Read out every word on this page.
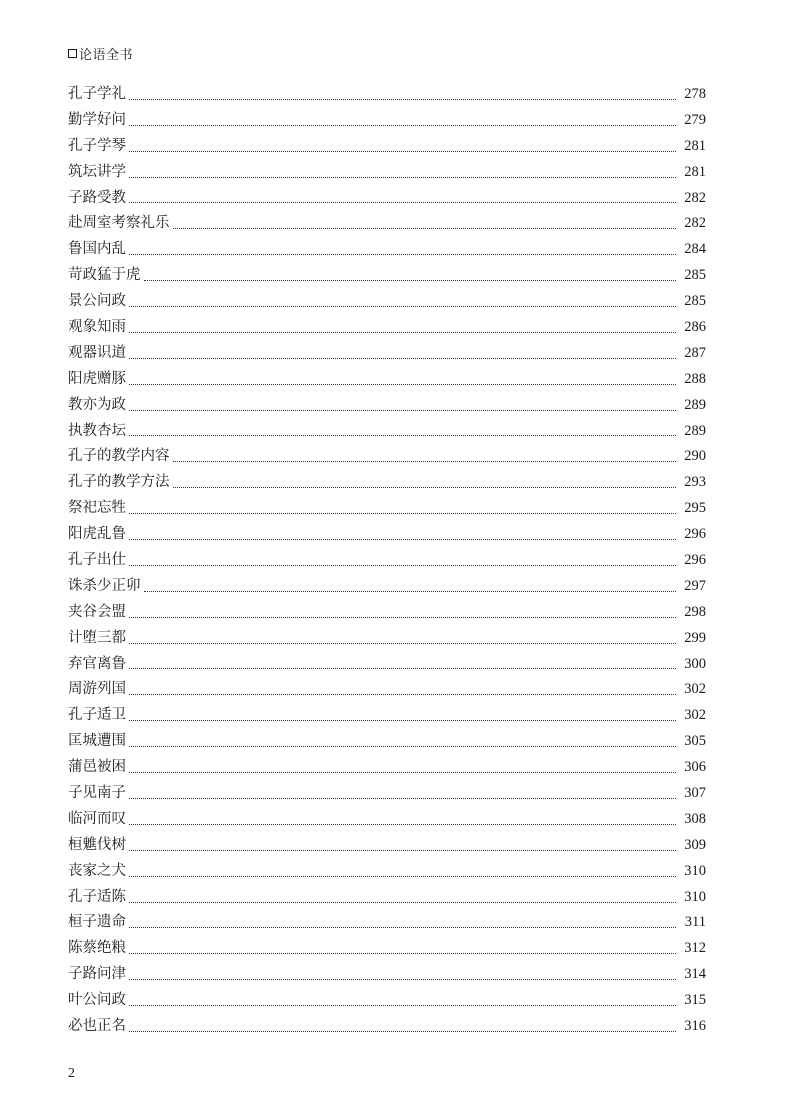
论语全书
孔子学礼	278
勤学好问	279
孔子学琴	281
筑坛讲学	281
子路受教	282
赴周室考察礼乐	282
鲁国内乱	284
苛政猛于虎	285
景公问政	285
观象知雨	286
观器识道	287
阳虎赠豚	288
教亦为政	289
执教杏坛	289
孔子的教学内容	290
孔子的教学方法	293
祭祀忘牲	295
阳虎乱鲁	296
孔子出仕	296
诛杀少正卯	297
夹谷会盟	298
计堕三都	299
弃官离鲁	300
周游列国	302
孔子适卫	302
匡城遭围	305
蒲邑被困	306
子见南子	307
临河而叹	308
桓魋伐树	309
丧家之犬	310
孔子适陈	310
桓子遗命	311
陈蔡绝粮	312
子路问津	314
叶公问政	315
必也正名	316
2
